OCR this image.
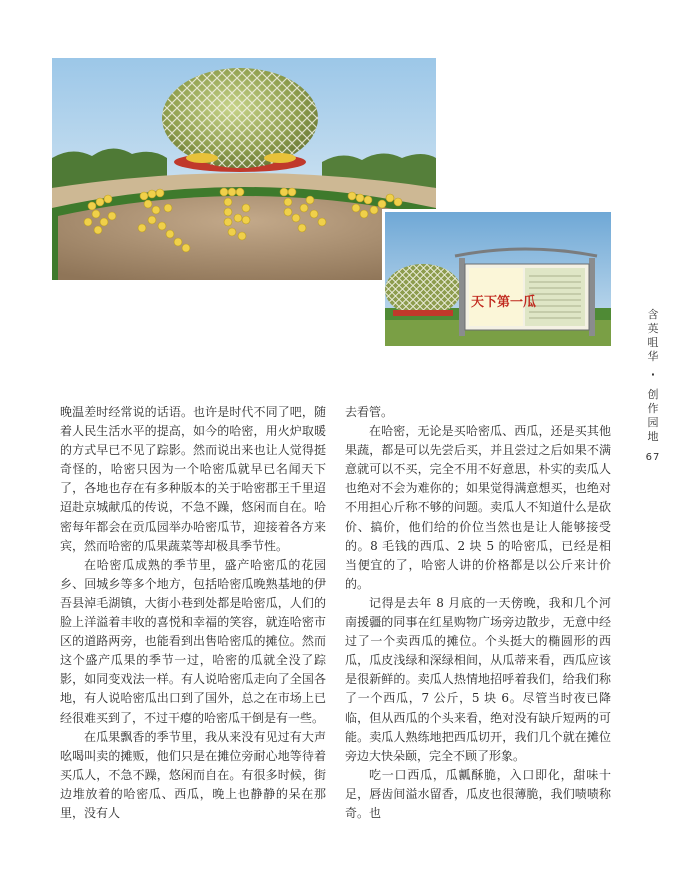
天下第一瓜
含
英
咀
华
·
创
作
园
地
67

晚温差时经常说的话语。也许是时代不同了吧，随着人民生活水平的提高，如今的哈密，用火炉取暖的方式早已不见了踪影。然而说出来也让人觉得挺奇怪的，哈密只因为一个哈密瓜就早已名闻天下了，各地也存在有多种版本的关于哈密郡王千里迢迢赴京城献瓜的传说，不急不躁，悠闲而自在。哈密每年都会在贡瓜园举办哈密瓜节，迎接着各方来宾，然而哈密的瓜果蔬菜等却极具季节性。

在哈密瓜成熟的季节里，盛产哈密瓜的花园乡、回城乡等多个地方，包括哈密瓜晚熟基地的伊吾县淖毛湖镇，大街小巷到处都是哈密瓜，人们的脸上洋溢着丰收的喜悦和幸福的笑容，就连哈密市区的道路两旁，也能看到出售哈密瓜的摊位。然而这个盛产瓜果的季节一过，哈密的瓜就全没了踪影，如同变戏法一样。有人说哈密瓜走向了全国各地，有人说哈密瓜出口到了国外，总之在市场上已经很难买到了，不过干瘪的哈密瓜干倒是有一些。

在瓜果飘香的季节里，我从来没有见过有大声吆喝叫卖的摊贩，他们只是在摊位旁耐心地等待着买瓜人，不急不躁，悠闲而自在。有很多时候，街边堆放着的哈密瓜、西瓜，晚上也静静的呆在那里，没有人

去看管。

在哈密，无论是买哈密瓜、西瓜，还是买其他果蔬，都是可以先尝后买，并且尝过之后如果不满意就可以不买，完全不用不好意思，朴实的卖瓜人也绝对不会为难你的；如果觉得满意想买，也绝对不用担心斤称不够的问题。卖瓜人不知道什么是砍价、搞价，他们给的价位当然也是让人能够接受的。8 毛钱的西瓜、2 块 5 的哈密瓜，已经是相当便宜的了，哈密人讲的价格都是以公斤来计价的。

记得是去年 8 月底的一天傍晚，我和几个河南援疆的同事在红星购物广场旁边散步，无意中经过了一个卖西瓜的摊位。个头挺大的椭圆形的西瓜，瓜皮浅绿和深绿相间，从瓜蒂来看，西瓜应该是很新鲜的。卖瓜人热情地招呼着我们，给我们称了一个西瓜，7 公斤，5 块 6。尽管当时夜已降临，但从西瓜的个头来看，绝对没有缺斤短两的可能。卖瓜人熟练地把西瓜切开，我们几个就在摊位旁边大快朵颐，完全不顾了形象。

吃一口西瓜，瓜瓤酥脆，入口即化，甜味十足，唇齿间溢水留香，瓜皮也很薄脆，我们啧啧称奇。也
